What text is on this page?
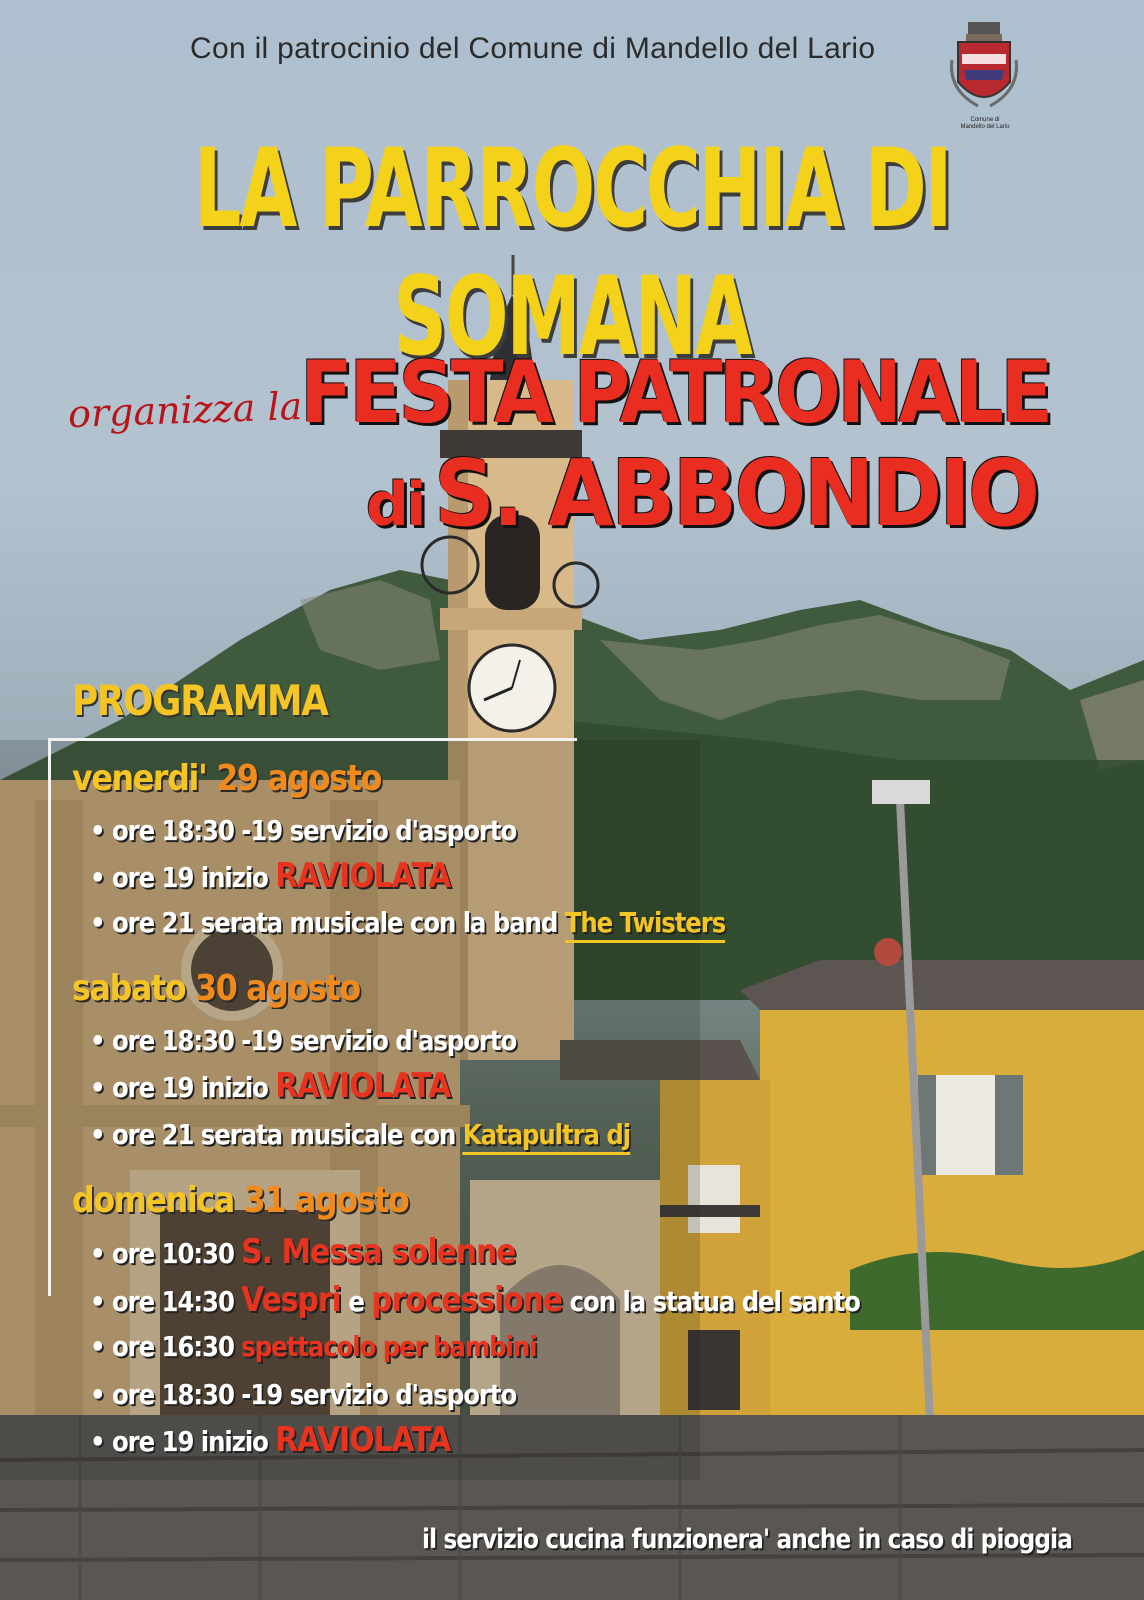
Con il patrocinio del Comune di Mandello del Lario
Comune di
Mandello del Lario
LA PARROCCHIA DI SOMANA
organizza la
FESTA PATRONALE
di S. ABBONDIO
PROGRAMMA
venerdi' 29 agosto
• ore 18:30 -19 servizio d'asporto
• ore 19 inizio RAVIOLATA
• ore 21 serata musicale con la band The Twisters
sabato 30 agosto
• ore 18:30 -19 servizio d'asporto
• ore 19 inizio RAVIOLATA
• ore 21 serata musicale con Katapultra dj
domenica 31 agosto
• ore 10:30 S. Messa solenne
• ore 14:30 Vespri e processione con la statua del santo
• ore 16:30 spettacolo per bambini
• ore 18:30 -19 servizio d'asporto
• ore 19 inizio RAVIOLATA
il servizio cucina funzionera' anche in caso di pioggia
